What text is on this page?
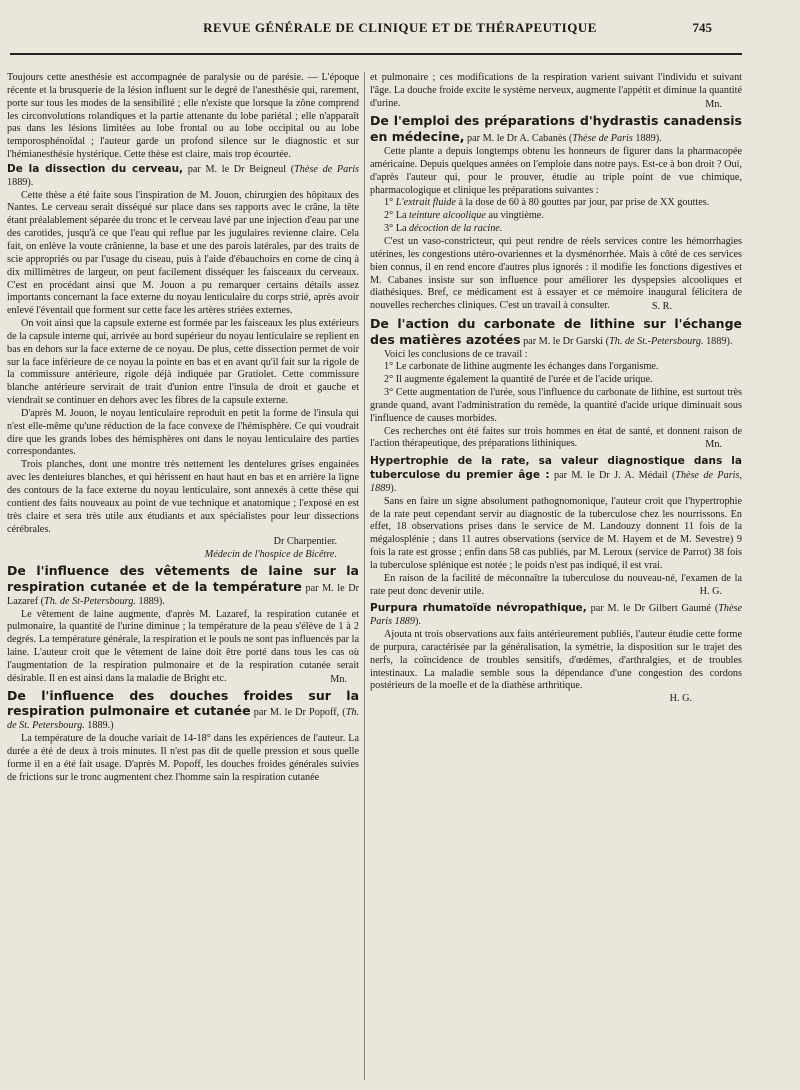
REVUE GÉNÉRALE DE CLINIQUE ET DE THÉRAPEUTIQUE	745

Toujours cette anesthésie est accompagnée de paralysie ou de parésie. — L'époque récente et la brusquerie de la lésion influent sur le degré de l'anesthésie qui, rarement, porte sur tous les modes de la sensibilité ; elle n'existe que lorsque la zône comprend les circonvolutions rolandiques et la partie attenante du lobe pariétal ; elle n'apparaît pas dans les lésions limitées au lobe frontal ou au lobe occipital ou au lobe temporosphénoïdal ; l'auteur garde un profond silence sur le diagnostic et sur l'hémianesthésie hystérique. Cette thèse est claire, mais trop écourtée.

De la dissection du cerveau, par M. le Dr Beigneul (Thèse de Paris 1889).

Cette thèse a été faite sous l'inspiration de M. Jouon, chirurgien des hôpitaux des Nantes. Le cerveau serait disséqué sur place dans ses rapports avec le crâne, la tête étant préalablement séparée du tronc et le cerveau lavé par une injection d'eau par une des carotides, jusqu'à ce que l'eau qui reflue par les jugulaires revienne claire. Cela fait, on enlève la voute crânienne, la base et une des parois latérales, par des traits de scie appropriés ou par l'usage du ciseau, puis à l'aide d'ébauchoirs en corne de cinq à dix millimètres de largeur, on peut facilement disséquer les faisceaux du cerveaux. C'est en procédant ainsi que M. Jouon a pu remarquer certains détails assez importants concernant la face externe du noyau lenticulaire du corps strié, après avoir enlevé l'éventail que forment sur cette face les artères striées externes.

On voit ainsi que la capsule externe est formée par les faisceaux les plus extérieurs de la capsule interne qui, arrivée au bord supérieur du noyau lenticulaire se replient en bas en dehors sur la face externe de ce noyau. De plus, cette dissection permet de voir sur la face inférieure de ce noyau la pointe en bas et en avant qu'il fait sur la rigole de la commissure antérieure, rigole déjà indiquée par Gratiolet. Cette commissure blanche antérieure servirait de trait d'union entre l'insula de droit et gauche et viendrait se continuer en dehors avec les fibres de la capsule externe.

D'après M. Jouon, le noyau lenticulaire reproduit en petit la forme de l'insula qui n'est elle-même qu'une réduction de la face convexe de l'hémisphère. Ce qui voudrait dire que les grands lobes des hémisphères ont dans le noyau lenticulaire des parties correspondantes.

Trois planches, dont une montre très nettement les dentelures grises engainées avec les denteiures blanches, et qui hérissent en haut haut en bas et en arrière la ligne des contours de la face externe du noyau lenticulaire, sont annexés à cette thèse qui contient des faits nouveaux au point de vue technique et anatomique ; l'exposé en est très claire et sera très utile aux étudiants et aux spécialistes pour leur dissections cérébrales.

Dr Charpentier.
Médecin de l'hospice de Bicêtre.

De l'influence des vêtements de laine sur la respiration cutanée et de la température par M. le Dr Lazaref (Th. de St-Petersbourg. 1889).

Le vêtement de laine augmente, d'après M. Lazaref, la respiration cutanée et pulmonaire, la quantité de l'urine diminue ; la température de la peau s'élève de 1 à 2 degrés. La température générale, la respiration et le pouls ne sont pas influencés par la laine. L'auteur croit que le vêtement de laine doit être porté dans tous les cas où l'augmentation de la respiration pulmonaire et de la respiration cutanée serait désirable. Il en est ainsi dans la maladie de Bright etc.	Mn.

De l'influence des douches froides sur la respiration pulmonaire et cutanée par M. le Dr Popoff, (Th. de St. Petersbourg. 1889.)

La température de la douche variait de 14-18° dans les expériences de l'auteur. La durée a été de deux à trois minutes. Il n'est pas dit de quelle pression et sous quelle forme il en a été fait usage. D'après M. Popoff, les douches froides générales suivies de frictions sur le tronc augmentent chez l'homme sain la respiration cutanée

et pulmonaire ; ces modifications de la respiration varient suivant l'individu et suivant l'âge. La douche froide excite le système nerveux, augmente l'appétit et diminue la quantité d'urine.	Mn.

De l'emploi des préparations d'hydrastis canadensis en médecine, par M. le Dr A. Cabanès (Thèse de Paris 1889).

Cette plante a depuis longtemps obtenu les honneurs de figurer dans la pharmacopée américaine. Depuis quelques années on l'emploie dans notre pays. Est-ce à bon droit ? Oui, d'après l'auteur qui, pour le prouver, étudie au triple point de vue chimique, pharmacologique et clinique les préparations suivantes :

1° L'extrait fluide à la dose de 60 à 80 gouttes par jour, par prise de XX gouttes.

2° La teinture alcoolique au vingtième.

3° La décoction de la racine.

C'est un vaso-constricteur, qui peut rendre de réels services contre les hémorrhagies utérines, les congestions utéro-ovariennes et la dysménorrhée. Mais à côté de ces services bien connus, il en rend encore d'autres plus ignorés : il modifie les fonctions digestives et M. Cabanes insiste sur son influence pour améliorer les dyspepsies alcooliques et diathésiques. Bref, ce médicament est à essayer et ce mémoire inaugural félicitera de nouvelles recherches cliniques. C'est un travail à consulter.	S. R.

De l'action du carbonate de lithine sur l'échange des matières azotées par M. le Dr Garski (Th. de St.-Petersbourg. 1889).

Voici les conclusions de ce travail :

1° Le carbonate de lithine augmente les échanges dans l'organisme.

2° Il augmente également la quantité de l'urée et de l'acide urique.

3° Cette augmentation de l'urée, sous l'influence du carbonate de lithine, est surtout très grande quand, avant l'administration du remède, la quantité d'acide urique diminuait sous l'influence de causes morbides.

Ces recherches ont été faites sur trois hommes en état de santé, et donnent raison de l'action thérapeutique, des préparations lithiniques.	Mn.

Hypertrophie de la rate, sa valeur diagnostique dans la tuberculose du premier âge : par M. le Dr J. A. Médail (Thèse de Paris, 1889).

Sans en faire un signe absolument pathognomonique, l'auteur croit que l'hypertrophie de la rate peut cependant servir au diagnostic de la tuberculose chez les nourrissons. En effet, 18 observations prises dans le service de M. Landouzy donnent 11 fois de la mégalosplénie ; dans 11 autres observations (service de M. Hayem et de M. Sevestre) 9 fois la rate est grosse ; enfin dans 58 cas publiés, par M. Leroux (service de Parrot) 38 fois la tuberculose splénique est notée ; le poids n'est pas indiqué, il est vrai.

En raison de la facilité de méconnaître la tuberculose du nouveau-né, l'examen de la rate peut donc devenir utile.	H. G.

Purpura rhumatoïde névropathique, par M. le Dr Gilbert Gaumé (Thèse Paris 1889).

Ajouta nt trois observations aux faits antérieurement publiés, l'auteur étudie cette forme de purpura, caractérisée par la généralisation, la symétrie, la disposition sur le trajet des nerfs, la coïncidence de troubles sensitifs, d'œdèmes, d'arthralgies, et de troubles intestinaux. La maladie semble sous la dépendance d'une congestion des cordons postérieurs de la moelle et de la diathèse arthritique.

H. G.
